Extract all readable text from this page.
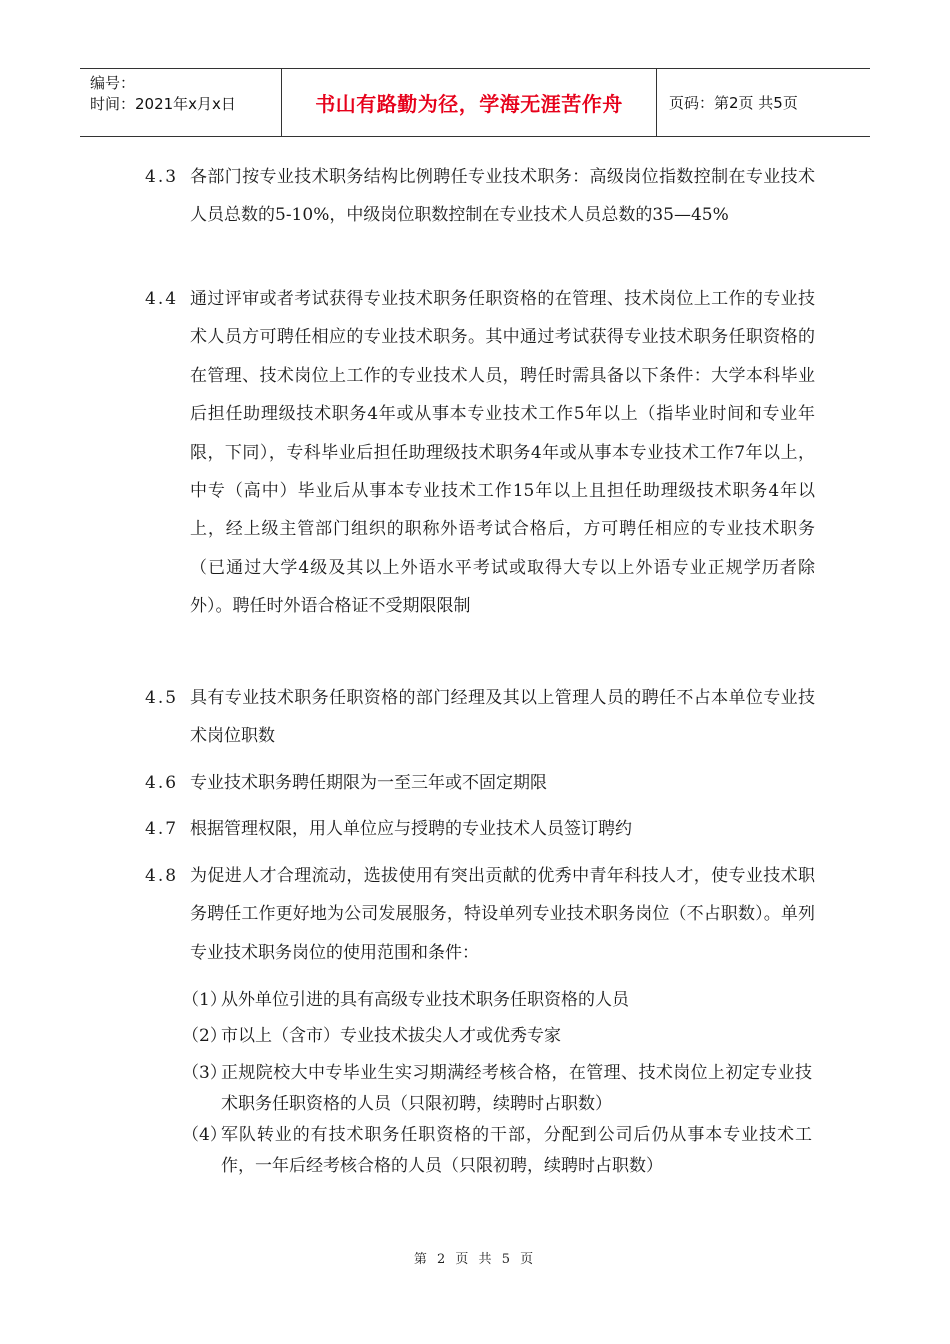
编号：
时间：2021年x月x日	书山有路勤为径，学海无涯苦作舟	页码：第2页 共5页
4.3 各部门按专业技术职务结构比例聘任专业技术职务：高级岗位指数控制在专业技术人员总数的5-10%，中级岗位职数控制在专业技术人员总数的35—45%
4.4 通过评审或者考试获得专业技术职务任职资格的在管理、技术岗位上工作的专业技术人员方可聘任相应的专业技术职务。其中通过考试获得专业技术职务任职资格的在管理、技术岗位上工作的专业技术人员，聘任时需具备以下条件：大学本科毕业后担任助理级技术职务4年或从事本专业技术工作5年以上（指毕业时间和专业年限，下同），专科毕业后担任助理级技术职务4年或从事本专业技术工作7年以上，中专（高中）毕业后从事本专业技术工作15年以上且担任助理级技术职务4年以上，经上级主管部门组织的职称外语考试合格后，方可聘任相应的专业技术职务（已通过大学4级及其以上外语水平考试或取得大专以上外语专业正规学历者除外）。聘任时外语合格证不受期限限制
4.5 具有专业技术职务任职资格的部门经理及其以上管理人员的聘任不占本单位专业技术岗位职数
4.6 专业技术职务聘任期限为一至三年或不固定期限
4.7 根据管理权限，用人单位应与授聘的专业技术人员签订聘约
4.8 为促进人才合理流动，选拔使用有突出贡献的优秀中青年科技人才，使专业技术职务聘任工作更好地为公司发展服务，特设单列专业技术职务岗位（不占职数）。单列专业技术职务岗位的使用范围和条件：
（1）
从外单位引进的具有高级专业技术职务任职资格的人员
（2）
市以上（含市）专业技术拔尖人才或优秀专家
（3）
正规院校大中专毕业生实习期满经考核合格，在管理、技术岗位上初定专业技术职务任职资格的人员（只限初聘，续聘时占职数）
（4）
军队转业的有技术职务任职资格的干部，分配到公司后仍从事本专业技术工作，一年后经考核合格的人员（只限初聘，续聘时占职数）
第 2 页 共 5 页
